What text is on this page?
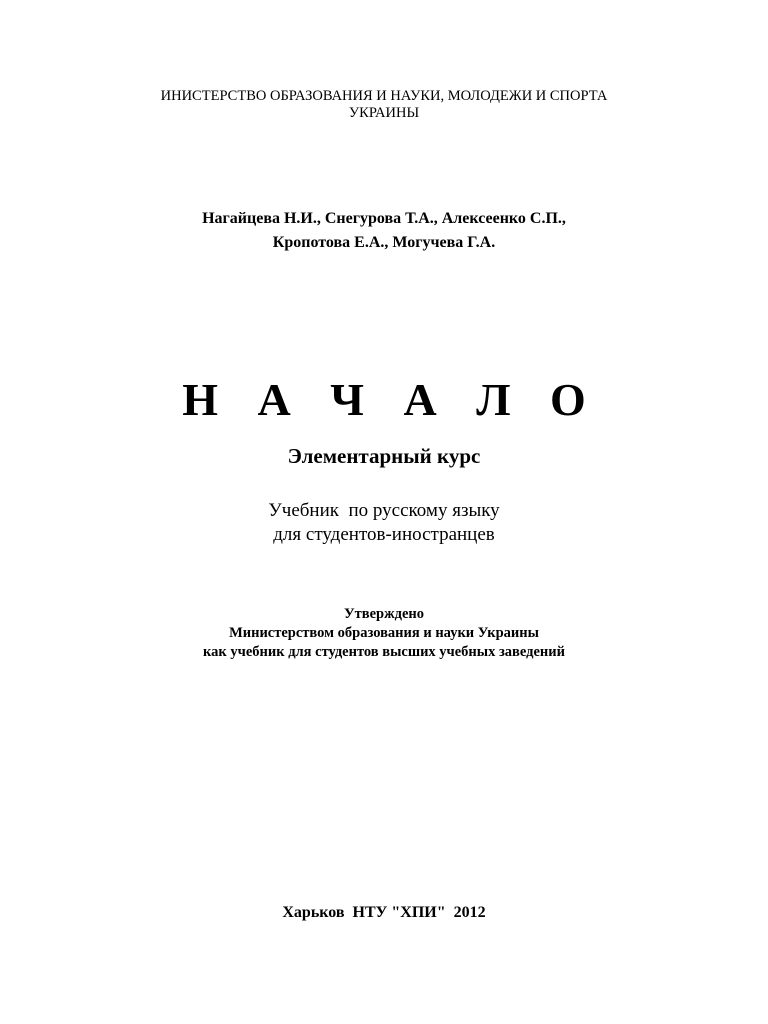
ИНИСТЕРСТВО ОБРАЗОВАНИЯ И НАУКИ, МОЛОДЕЖИ И СПОРТА
УКРАИНЫ
Нагайцева Н.И., Снегурова Т.А., Алексеенко С.П.,
Кропотова Е.А., Могучева Г.А.
Н А Ч А Л О
Элементарный курс
Учебник  по русскому языку
для студентов-иностранцев
Утверждено
Министерством образования и науки Украины
как учебник для студентов высших учебных заведений
Харьков  НТУ "ХПИ"  2012
